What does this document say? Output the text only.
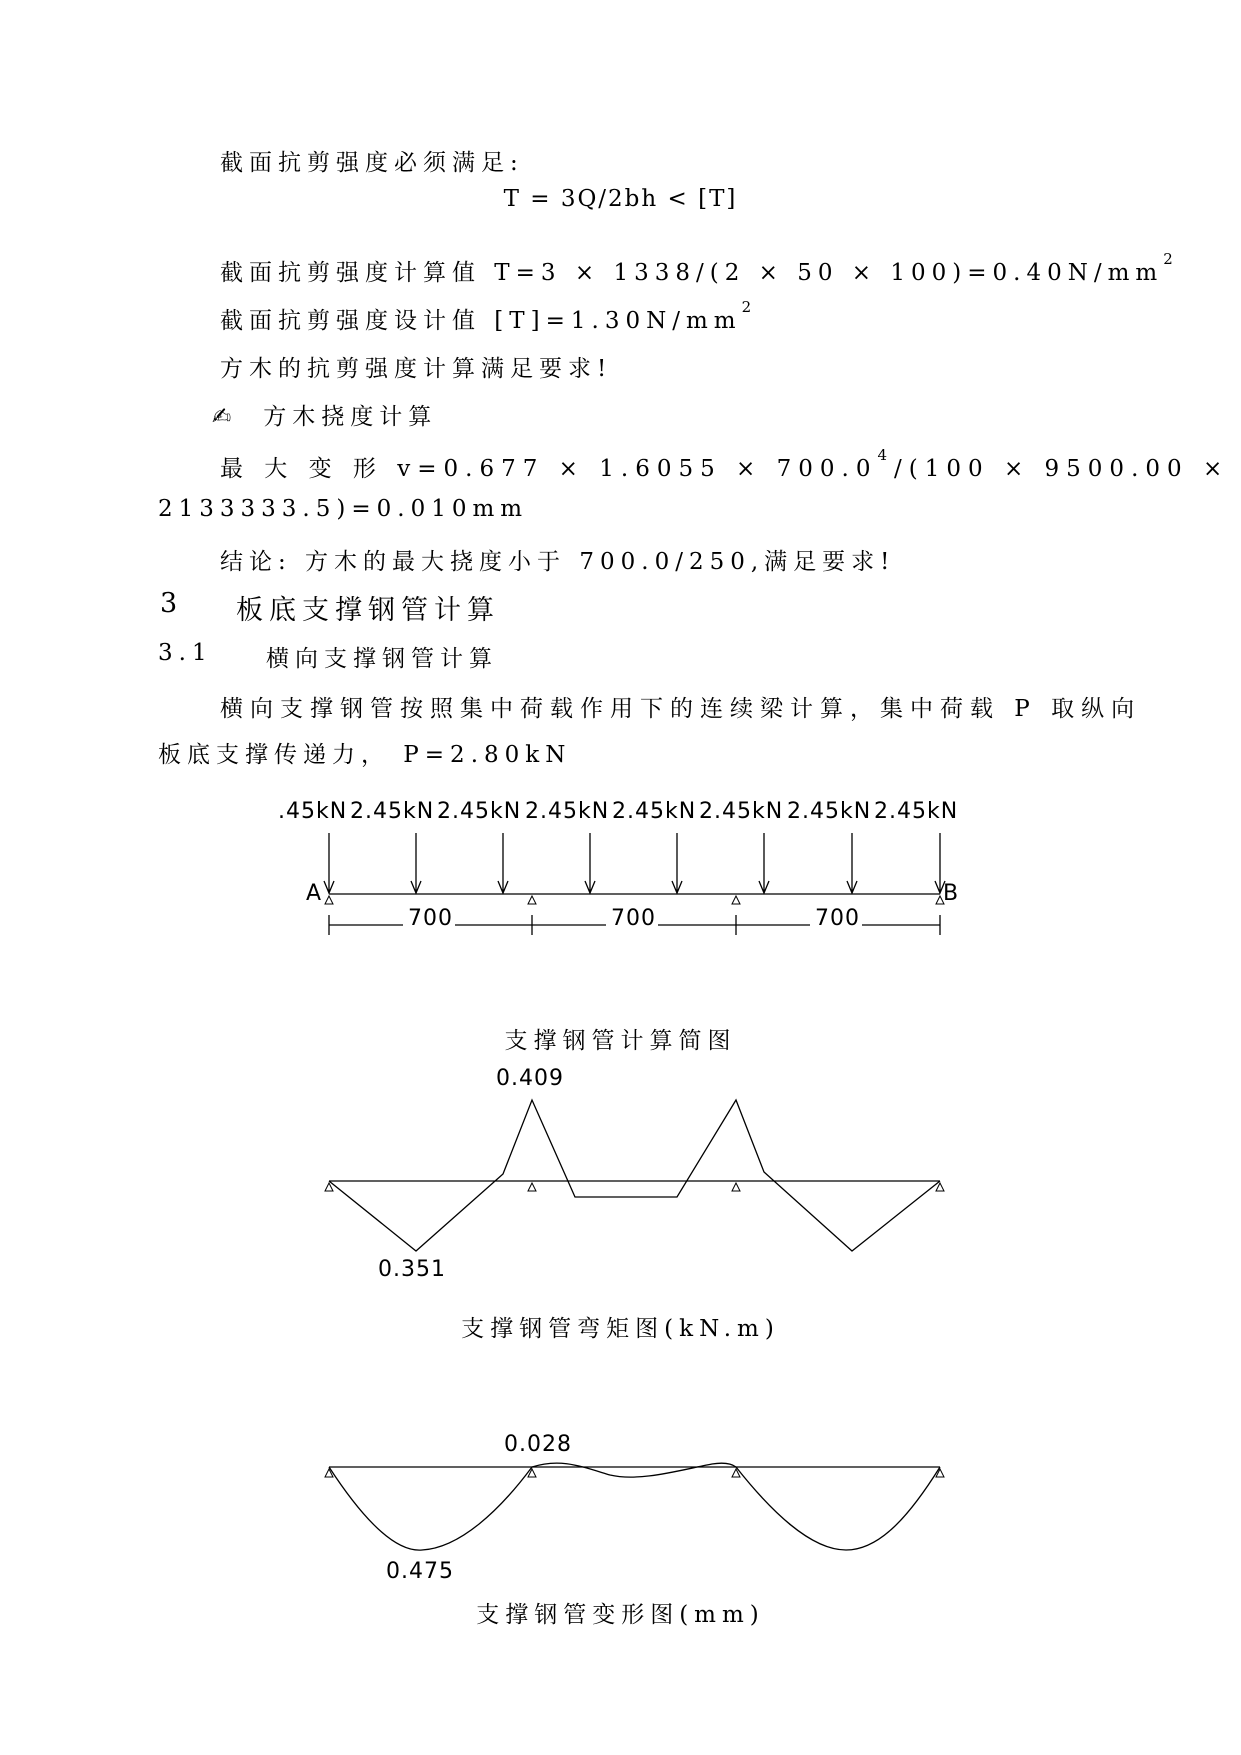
截面抗剪强度必须满足:
T = 3Q/2bh < [T]
截面抗剪强度计算值 $T=3 \times 1338/(2 \times 50 \times 100)=0.40N/mm^2$
截面抗剪强度设计值 $[T]=1.30N/mm^2$
方木的抗剪强度计算满足要求!
✍ 方木挠度计算
最 大 变 形 $v=0.677 \times 1.6055 \times 700.0^4/(100 \times 9500.00$ ×
2133333.5)=0.010mm
结论: 方木的最大挠度小于 700.0/250,满足要求!
3 板底支撑钢管计算
3.1 横向支撑钢管计算
横向支撑钢管按照集中荷载作用下的连续梁计算，集中荷载 P 取纵向
板底支撑传递力， P=2.80kN
.45kN 2.45kN 2.45kN 2.45kN 2.45kN 2.45kN 2.45kN 2.45kN
A	B
700	700	700
支撑钢管计算简图
0.409
0.351
支撑钢管弯矩图(kN.m)
0.028
0.475
支撑钢管变形图(mm)
